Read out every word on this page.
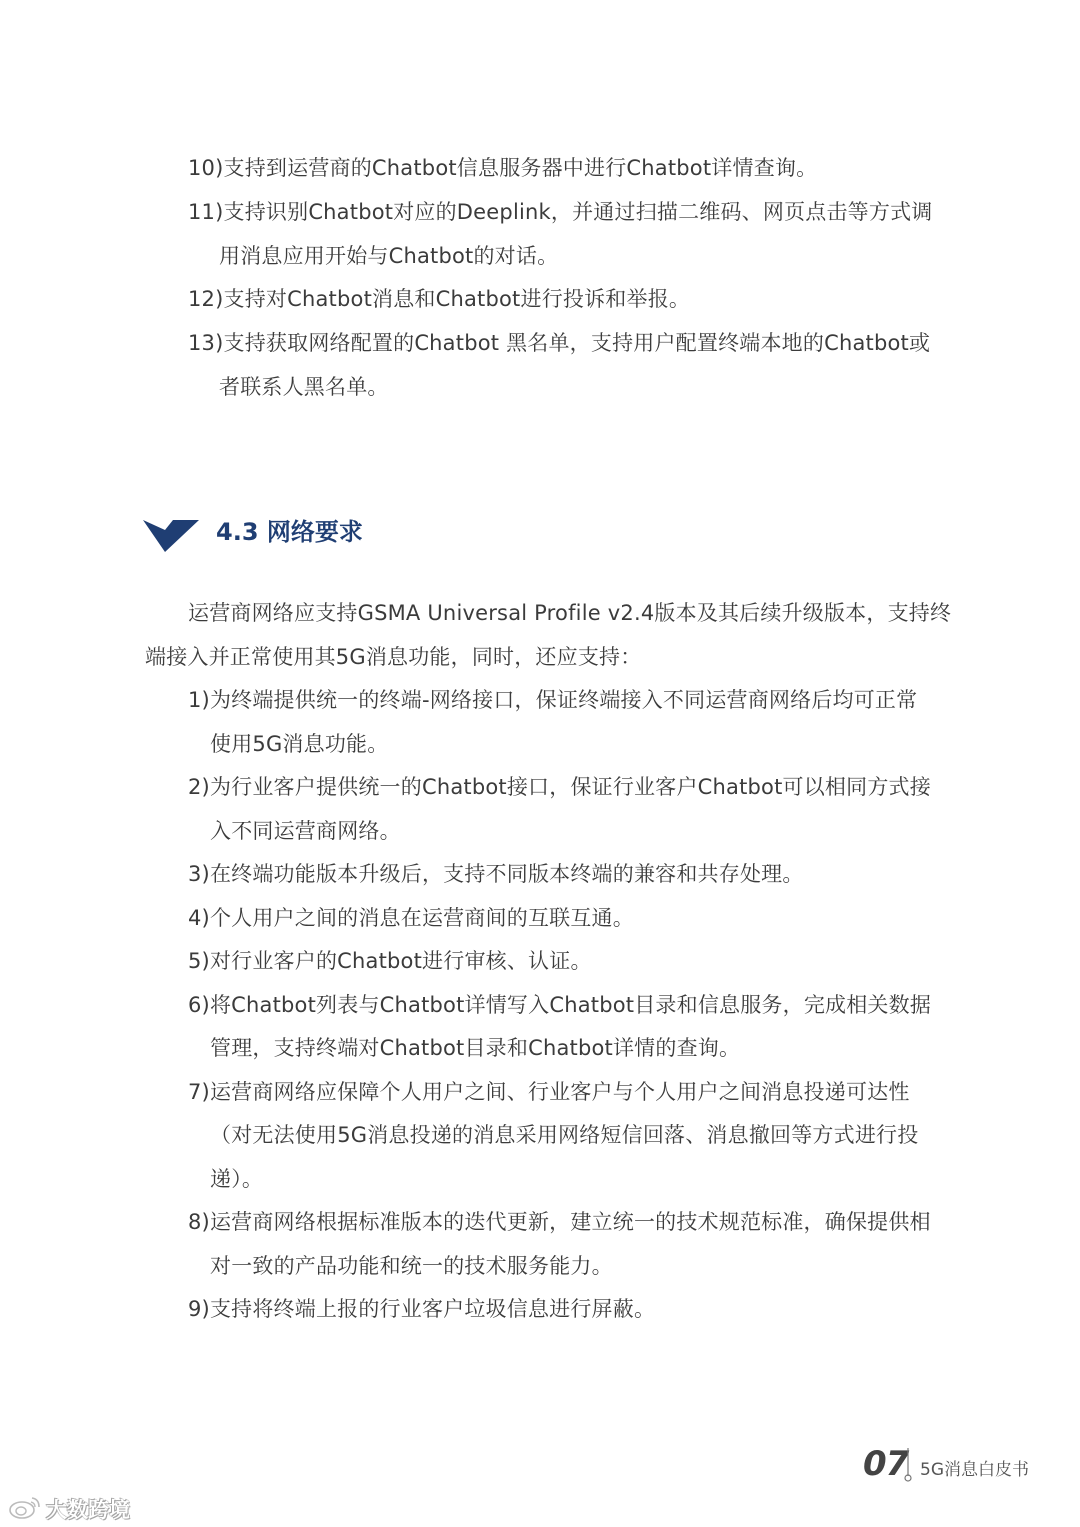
10)支持到运营商的Chatbot信息服务器中进行Chatbot详情查询。
11)支持识别Chatbot对应的Deeplink，并通过扫描二维码、网页点击等方式调
用消息应用开始与Chatbot的对话。
12)支持对Chatbot消息和Chatbot进行投诉和举报。
13)支持获取网络配置的Chatbot 黑名单，支持用户配置终端本地的Chatbot或
者联系人黑名单。
4.3 网络要求
运营商网络应支持GSMA Universal Profile v2.4版本及其后续升级版本，支持终
端接入并正常使用其5G消息功能，同时，还应支持：
1)为终端提供统一的终端-网络接口，保证终端接入不同运营商网络后均可正常
使用5G消息功能。
2)为行业客户提供统一的Chatbot接口，保证行业客户Chatbot可以相同方式接
入不同运营商网络。
3)在终端功能版本升级后，支持不同版本终端的兼容和共存处理。
4)个人用户之间的消息在运营商间的互联互通。
5)对行业客户的Chatbot进行审核、认证。
6)将Chatbot列表与Chatbot详情写入Chatbot目录和信息服务，完成相关数据
管理，支持终端对Chatbot目录和Chatbot详情的查询。
7)运营商网络应保障个人用户之间、行业客户与个人用户之间消息投递可达性
（对无法使用5G消息投递的消息采用网络短信回落、消息撤回等方式进行投
递）。
8)运营商网络根据标准版本的迭代更新，建立统一的技术规范标准，确保提供相
对一致的产品功能和统一的技术服务能力。
9)支持将终端上报的行业客户垃圾信息进行屏蔽。
07 5G消息白皮书
大数跨境
